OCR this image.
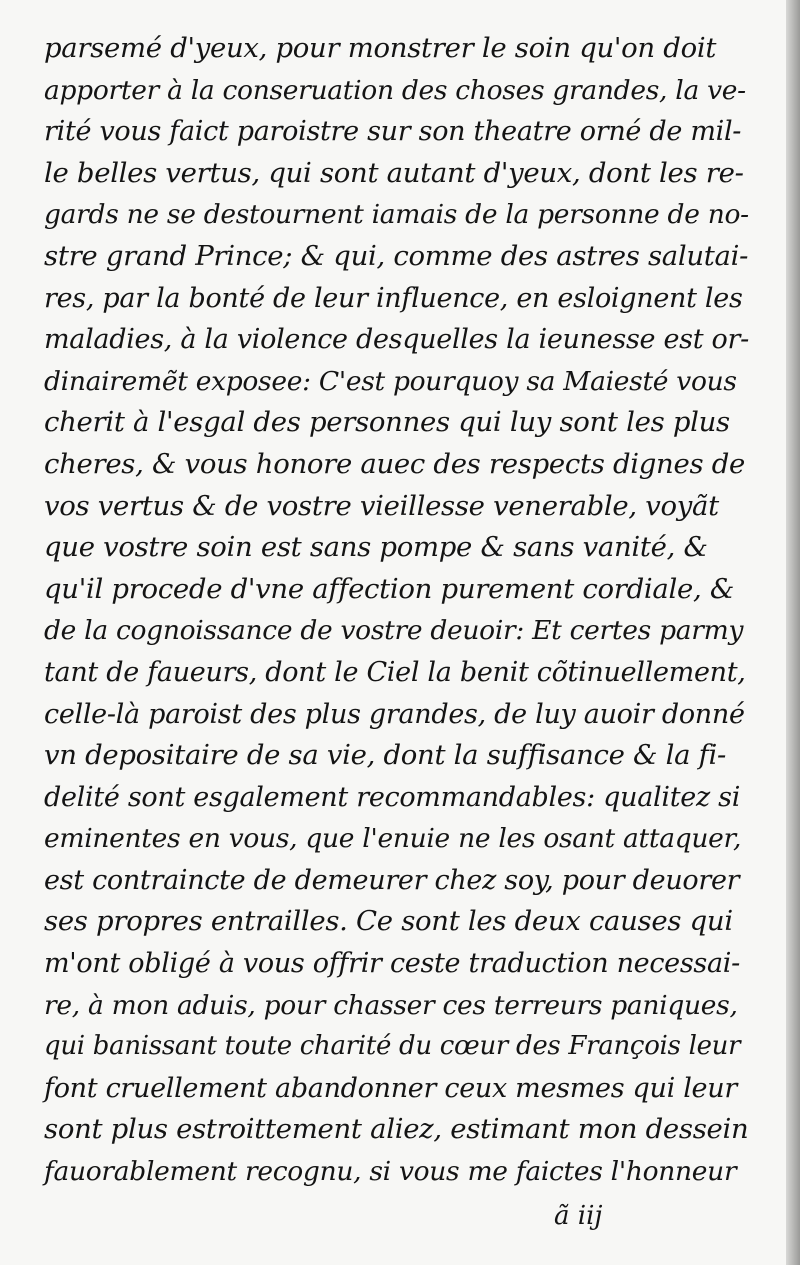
parsemé d'yeux, pour monstrer le soin qu'on doit
apporter à la conseruation des choses grandes, la ve-
rité vous faict paroistre sur son theatre orné de mil-
le belles vertus, qui sont autant d'yeux, dont les re-
gards ne se destournent iamais de la personne de no-
stre grand Prince; & qui, comme des astres salutai-
res, par la bonté de leur influence, en esloignent les
maladies, à la violence desquelles la ieunesse est or-
dinairemẽt exposee: C'est pourquoy sa Maiesté vous
cherit à l'esgal des personnes qui luy sont les plus
cheres, & vous honore auec des respects dignes de
vos vertus & de vostre vieillesse venerable, voyãt
que vostre soin est sans pompe & sans vanité, &
qu'il procede d'vne affection purement cordiale, &
de la cognoissance de vostre deuoir: Et certes parmy
tant de faueurs, dont le Ciel la benit cõtinuellement,
celle-là paroist des plus grandes, de luy auoir donné
vn depositaire de sa vie, dont la suffisance & la fi-
delité sont esgalement recommandables: qualitez si
eminentes en vous, que l'enuie ne les osant attaquer,
est contraincte de demeurer chez soy, pour deuorer
ses propres entrailles. Ce sont les deux causes qui
m'ont obligé à vous offrir ceste traduction necessai-
re, à mon aduis, pour chasser ces terreurs paniques,
qui banissant toute charité du cœur des François leur
font cruellement abandonner ceux mesmes qui leur
sont plus estroittement aliez, estimant mon dessein
fauorablement recognu, si vous me faictes l'honneur
ã iij
